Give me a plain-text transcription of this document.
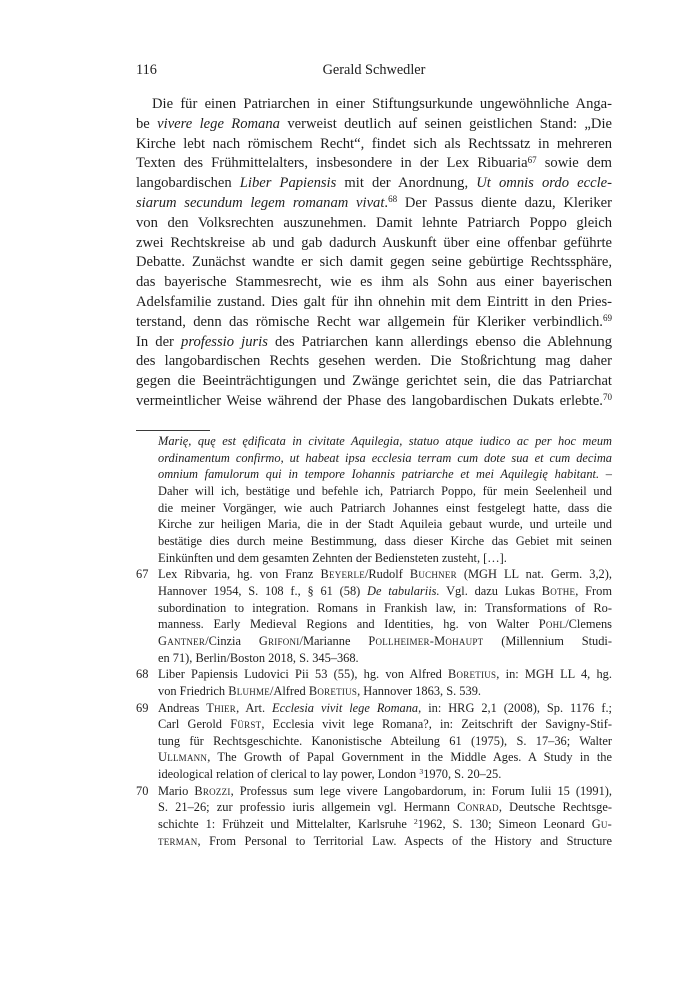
116	Gerald Schwedler
Die für einen Patriarchen in einer Stiftungsurkunde ungewöhnliche Anga-
be vivere lege Romana verweist deutlich auf seinen geistlichen Stand: „Die
Kirche lebt nach römischem Recht“, findet sich als Rechtssatz in mehreren
Texten des Frühmittelalters, insbesondere in der Lex Ribuaria$^{67}$ sowie dem
langobardischen Liber Papiensis mit der Anordnung, Ut omnis ordo eccle-
siarum secundum legem romanam vivat.$^{68}$ Der Passus diente dazu, Kleriker
von den Volksrechten auszunehmen. Damit lehnte Patriarch Poppo gleich
zwei Rechtskreise ab und gab dadurch Auskunft über eine offenbar geführte
Debatte. Zunächst wandte er sich damit gegen seine gebürtige Rechtssphäre,
das bayerische Stammesrecht, wie es ihm als Sohn aus einer bayerischen
Adelsfamilie zustand. Dies galt für ihn ohnehin mit dem Eintritt in den Pries-
terstand, denn das römische Recht war allgemein für Kleriker verbindlich.$^{69}$
In der professio juris des Patriarchen kann allerdings ebenso die Ablehnung
des langobardischen Rechts gesehen werden. Die Stoßrichtung mag daher
gegen die Beeinträchtigungen und Zwänge gerichtet sein, die das Patriarchat
vermeintlicher Weise während der Phase des langobardischen Dukats erlebte.$^{70}$
Marię, quę est ędificata in civitate Aquilegia, statuo atque iudico ac per hoc meum
ordinamentum confirmo, ut habeat ipsa ecclesia terram cum dote sua et cum decima
omnium famulorum qui in tempore Iohannis patriarche et mei Aquilegię habitant. –
Daher will ich, bestätige und befehle ich, Patriarch Poppo, für mein Seelenheil und
die meiner Vorgänger, wie auch Patriarch Johannes einst festgelegt hatte, dass die
Kirche zur heiligen Maria, die in der Stadt Aquileia gebaut wurde, und urteile und
bestätige dies durch meine Bestimmung, dass dieser Kirche das Gebiet mit seinen
Einkünften und dem gesamten Zehnten der Bediensteten zusteht, […].
67 Lex Ribvaria, hg. von Franz Beyerle/Rudolf Buchner (MGH LL nat. Germ. 3,2),
Hannover 1954, S. 108 f., § 61 (58) De tabulariis. Vgl. dazu Lukas Bothe, From
subordination to integration. Romans in Frankish law, in: Transformations of Ro-
manness. Early Medieval Regions and Identities, hg. von Walter Pohl/Clemens
Gantner/Cinzia Grifoni/Marianne Pollheimer-Mohaupt (Millennium Studi-
en 71), Berlin/Boston 2018, S. 345–368.
68 Liber Papiensis Ludovici Pii 53 (55), hg. von Alfred Boretius, in: MGH LL 4, hg.
von Friedrich Bluhme/Alfred Boretius, Hannover 1863, S. 539.
69 Andreas Thier, Art. Ecclesia vivit lege Romana, in: HRG 2,1 (2008), Sp. 1176 f.;
Carl Gerold Fürst, Ecclesia vivit lege Romana?, in: Zeitschrift der Savigny-Stif-
tung für Rechtsgeschichte. Kanonistische Abteilung 61 (1975), S. 17–36; Walter
Ullmann, The Growth of Papal Government in the Middle Ages. A Study in the
ideological relation of clerical to lay power, London $^3$1970, S. 20–25.
70 Mario Brozzi, Professus sum lege vivere Langobardorum, in: Forum Iulii 15 (1991),
S. 21–26; zur professio iuris allgemein vgl. Hermann Conrad, Deutsche Rechtsge-
schichte 1: Frühzeit und Mittelalter, Karlsruhe $^2$1962, S. 130; Simeon Leonard Gu-
terman, From Personal to Territorial Law. Aspects of the History and Structure
